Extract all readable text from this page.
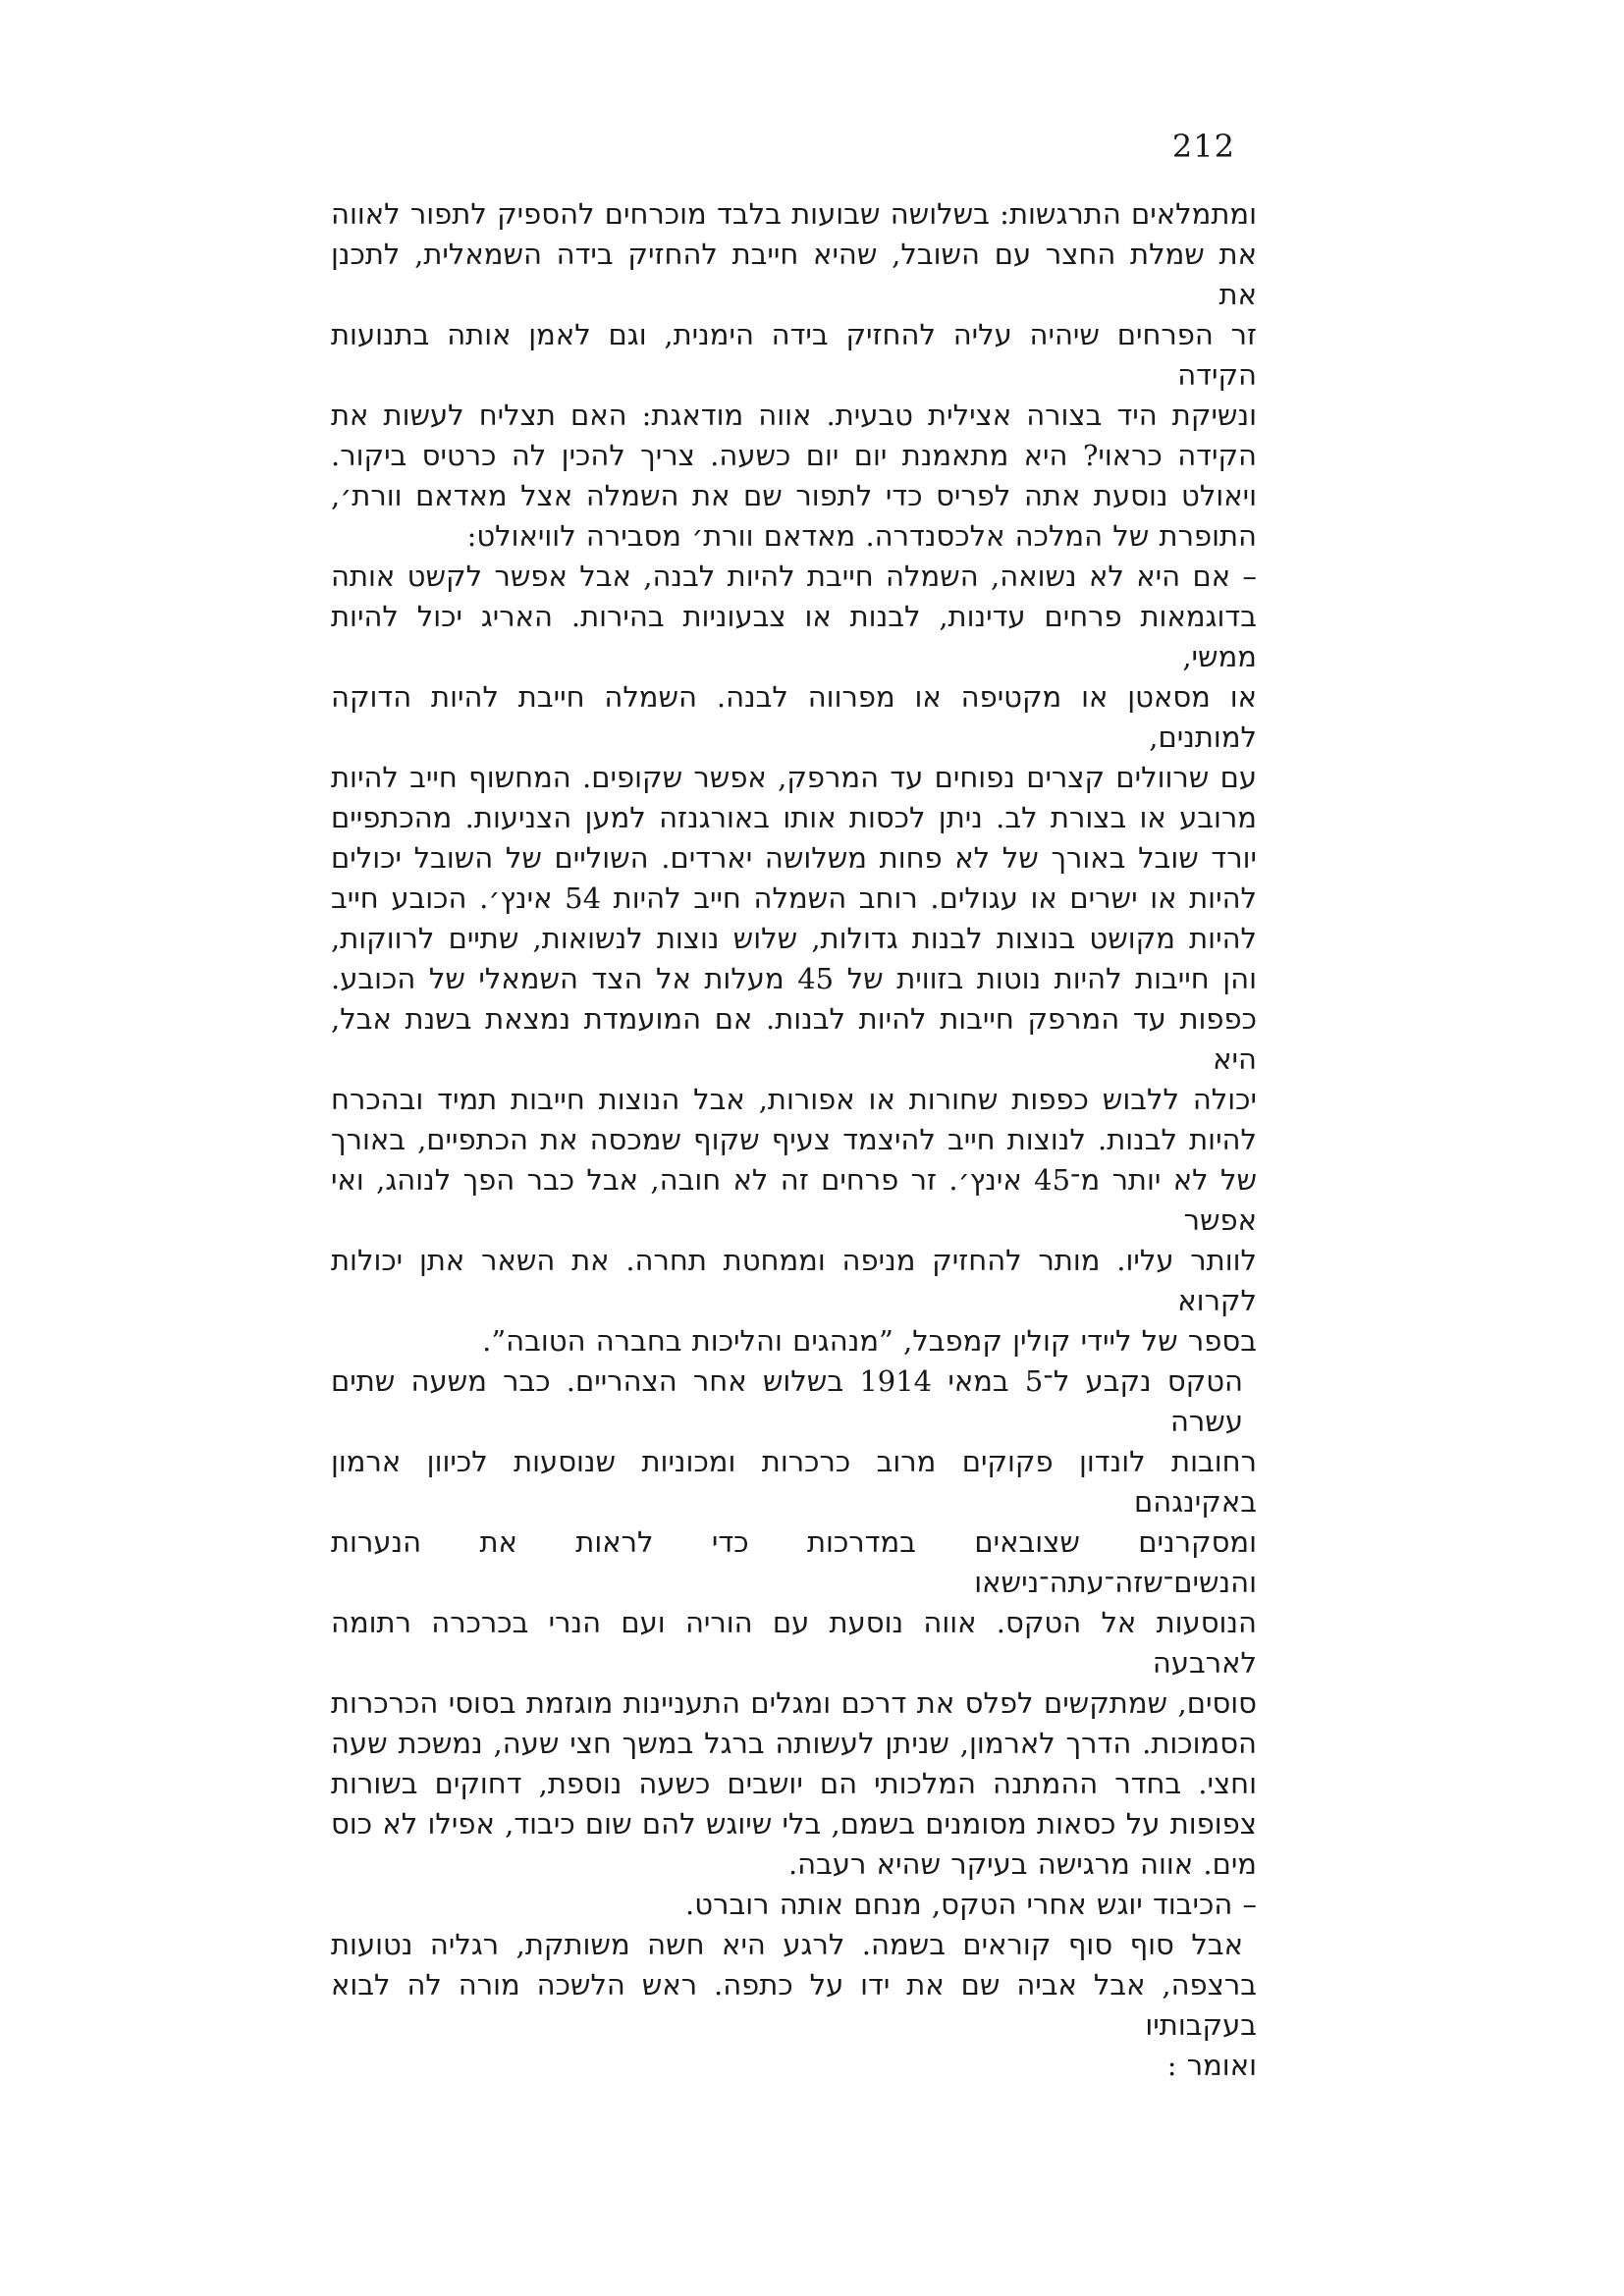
212
ומתמלאים התרגשות: בשלושה שבועות בלבד מוכרחים להספיק לתפור לאווה
את שמלת החצר עם השובל, שהיא חייבת להחזיק בידה השמאלית, לתכנן את
זר הפרחים שיהיה עליה להחזיק בידה הימנית, וגם לאמן אותה בתנועות הקידה
ונשיקת היד בצורה אצילית טבעית. אווה מודאגת: האם תצליח לעשות את
הקידה כראוי? היא מתאמנת יום יום כשעה. צריך להכין לה כרטיס ביקור.
ויאולט נוסעת אתה לפריס כדי לתפור שם את השמלה אצל מאדאם וורת׳,
התופרת של המלכה אלכסנדרה. מאדאם וורת׳ מסבירה לוויאולט:
– אם היא לא נשואה, השמלה חייבת להיות לבנה, אבל אפשר לקשט אותה
בדוגמאות פרחים עדינות, לבנות או צבעוניות בהירות. האריג יכול להיות ממשי,
או מסאטן או מקטיפה או מפרווה לבנה. השמלה חייבת להיות הדוקה למותנים,
עם שרוולים קצרים נפוחים עד המרפק, אפשר שקופים. המחשוף חייב להיות
מרובע או בצורת לב. ניתן לכסות אותו באורגנזה למען הצניעות. מהכתפיים
יורד שובל באורך של לא פחות משלושה יארדים. השוליים של השובל יכולים
להיות או ישרים או עגולים. רוחב השמלה חייב להיות 54 אינץ׳. הכובע חייב
להיות מקושט בנוצות לבנות גדולות, שלוש נוצות לנשואות, שתיים לרווקות,
והן חייבות להיות נוטות בזווית של 45 מעלות אל הצד השמאלי של הכובע.
כפפות עד המרפק חייבות להיות לבנות. אם המועמדת נמצאת בשנת אבל, היא
יכולה ללבוש כפפות שחורות או אפורות, אבל הנוצות חייבות תמיד ובהכרח
להיות לבנות. לנוצות חייב להיצמד צעיף שקוף שמכסה את הכתפיים, באורך
של לא יותר מ־45 אינץ׳. זר פרחים זה לא חובה, אבל כבר הפך לנוהג, ואי אפשר
לוותר עליו. מותר להחזיק מניפה וממחטת תחרה. את השאר אתן יכולות לקרוא
בספר של ליידי קולין קמפבל, ”מנהגים והליכות בחברה הטובה”.
הטקס נקבע ל־5 במאי 1914 בשלוש אחר הצהריים. כבר משעה שתים עשרה
רחובות לונדון פקוקים מרוב כרכרות ומכוניות שנוסעות לכיוון ארמון באקינגהם
ומסקרנים שצובאים במדרכות כדי לראות את הנערות והנשים־שזה־עתה־נישאו
הנוסעות אל הטקס. אווה נוסעת עם הוריה ועם הנרי בכרכרה רתומה לארבעה
סוסים, שמתקשים לפלס את דרכם ומגלים התעניינות מוגזמת בסוסי הכרכרות
הסמוכות. הדרך לארמון, שניתן לעשותה ברגל במשך חצי שעה, נמשכת שעה
וחצי. בחדר ההמתנה המלכותי הם יושבים כשעה נוספת, דחוקים בשורות
צפופות על כסאות מסומנים בשמם, בלי שיוגש להם שום כיבוד, אפילו לא כוס
מים. אווה מרגישה בעיקר שהיא רעבה.
– הכיבוד יוגש אחרי הטקס, מנחם אותה רוברט.
אבל סוף סוף קוראים בשמה. לרגע היא חשה משותקת, רגליה נטועות
ברצפה, אבל אביה שם את ידו על כתפה. ראש הלשכה מורה לה לבוא בעקבותיו
ואומר :
